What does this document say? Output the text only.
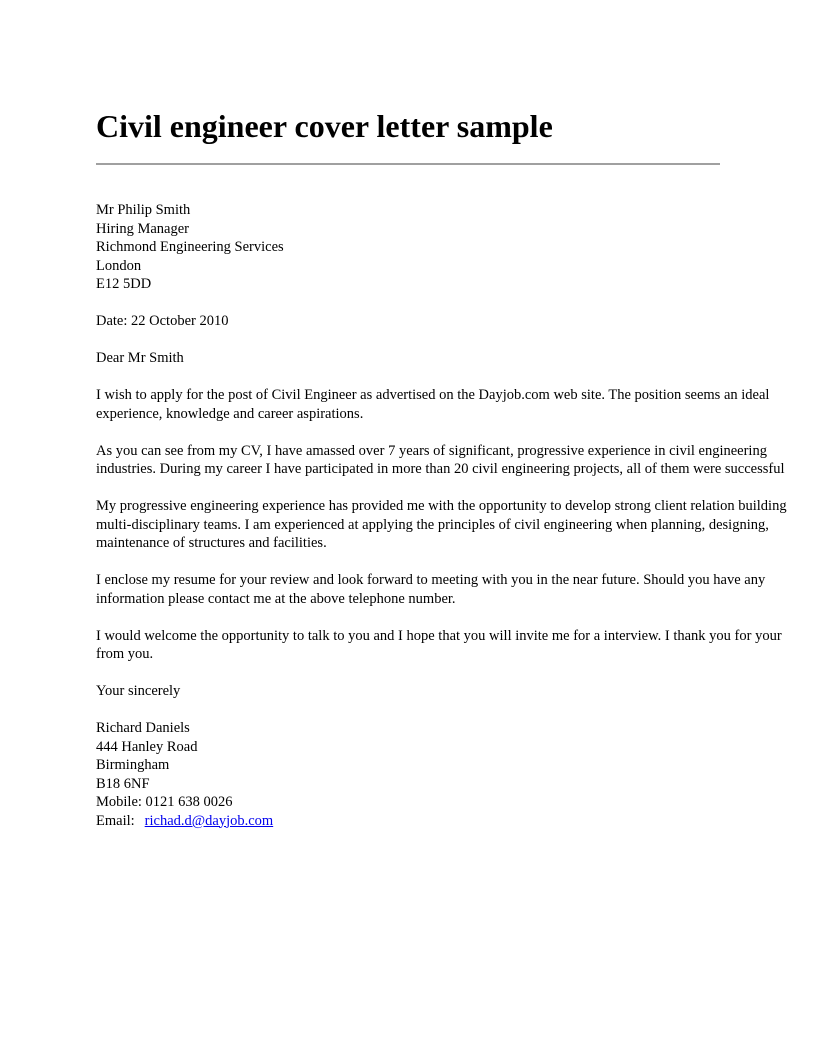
Civil engineer cover letter sample
Mr Philip Smith
Hiring Manager
Richmond Engineering Services
London
E12 5DD
Date: 22 October 2010
Dear Mr Smith
I wish to apply for the post of Civil Engineer as advertised on the Dayjob.com web site. The position seems an ideal
experience, knowledge and career aspirations.
As you can see from my CV, I have amassed over 7 years of significant, progressive experience in civil engineering
industries. During my career I have participated in more than 20 civil engineering projects, all of them were successful
My progressive engineering experience has provided me with the opportunity to develop strong client relation building
multi-disciplinary teams. I am experienced at applying the principles of civil engineering when planning, designing,
maintenance of structures and facilities.
I enclose my resume for your review and look forward to meeting with you in the near future. Should you have any
information please contact me at the above telephone number.
I would welcome the opportunity to talk to you and I hope that you will invite me for a interview. I thank you for your
from you.
Your sincerely
Richard Daniels
444 Hanley Road
Birmingham
B18 6NF
Mobile: 0121 638 0026
Email: richad.d@dayjob.com
